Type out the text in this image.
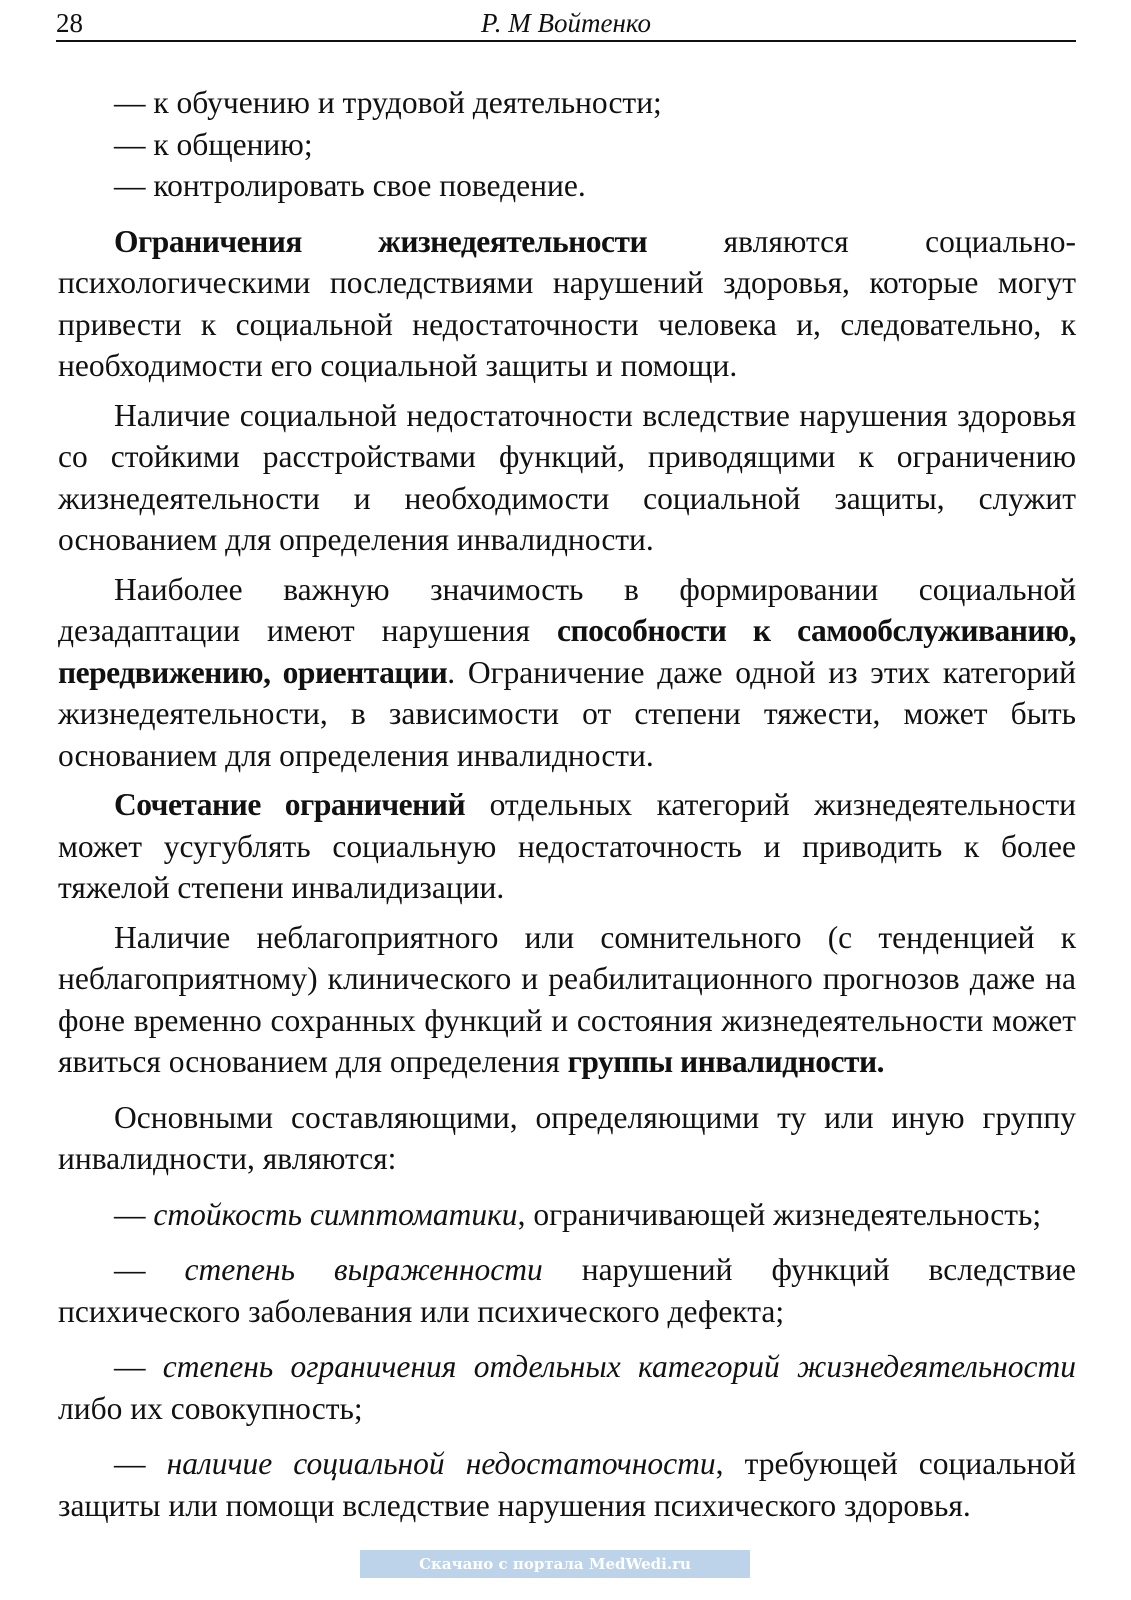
28	Р. М Войтенко

— к обучению и трудовой деятельности;

— к общению;

— контролировать свое поведение.

Ограничения жизнедеятельности являются социально-психологическими последствиями нарушений здоровья, которые могут привести к социальной недостаточности человека и, следовательно, к необходимости его социальной защиты и помощи.

Наличие социальной недостаточности вследствие нарушения здоровья со стойкими расстройствами функций, приводящими к ограничению жизнедеятельности и необходимости социальной защиты, служит основанием для определения инвалидности.

Наиболее важную значимость в формировании социальной дезадаптации имеют нарушения способности к самообслуживанию, передвижению, ориентации. Ограничение даже одной из этих категорий жизнедеятельности, в зависимости от степени тяжести, может быть основанием для определения инвалидности.

Сочетание ограничений отдельных категорий жизнедеятельности может усугублять социальную недостаточность и приводить к более тяжелой степени инвалидизации.

Наличие неблагоприятного или сомнительного (с тенденцией к неблагоприятному) клинического и реабилитационного прогнозов даже на фоне временно сохранных функций и состояния жизнедеятельности может явиться основанием для определения группы инвалидности.

Основными составляющими, определяющими ту или иную группу инвалидности, являются:

— стойкость симптоматики, ограничивающей жизнедеятельность;

— степень выраженности нарушений функций вследствие психического заболевания или психического дефекта;

— степень ограничения отдельных категорий жизнедеятельности либо их совокупность;

— наличие социальной недостаточности, требующей социальной защиты или помощи вследствие нарушения психического здоровья.

Скачано с портала MedWedi.ru
